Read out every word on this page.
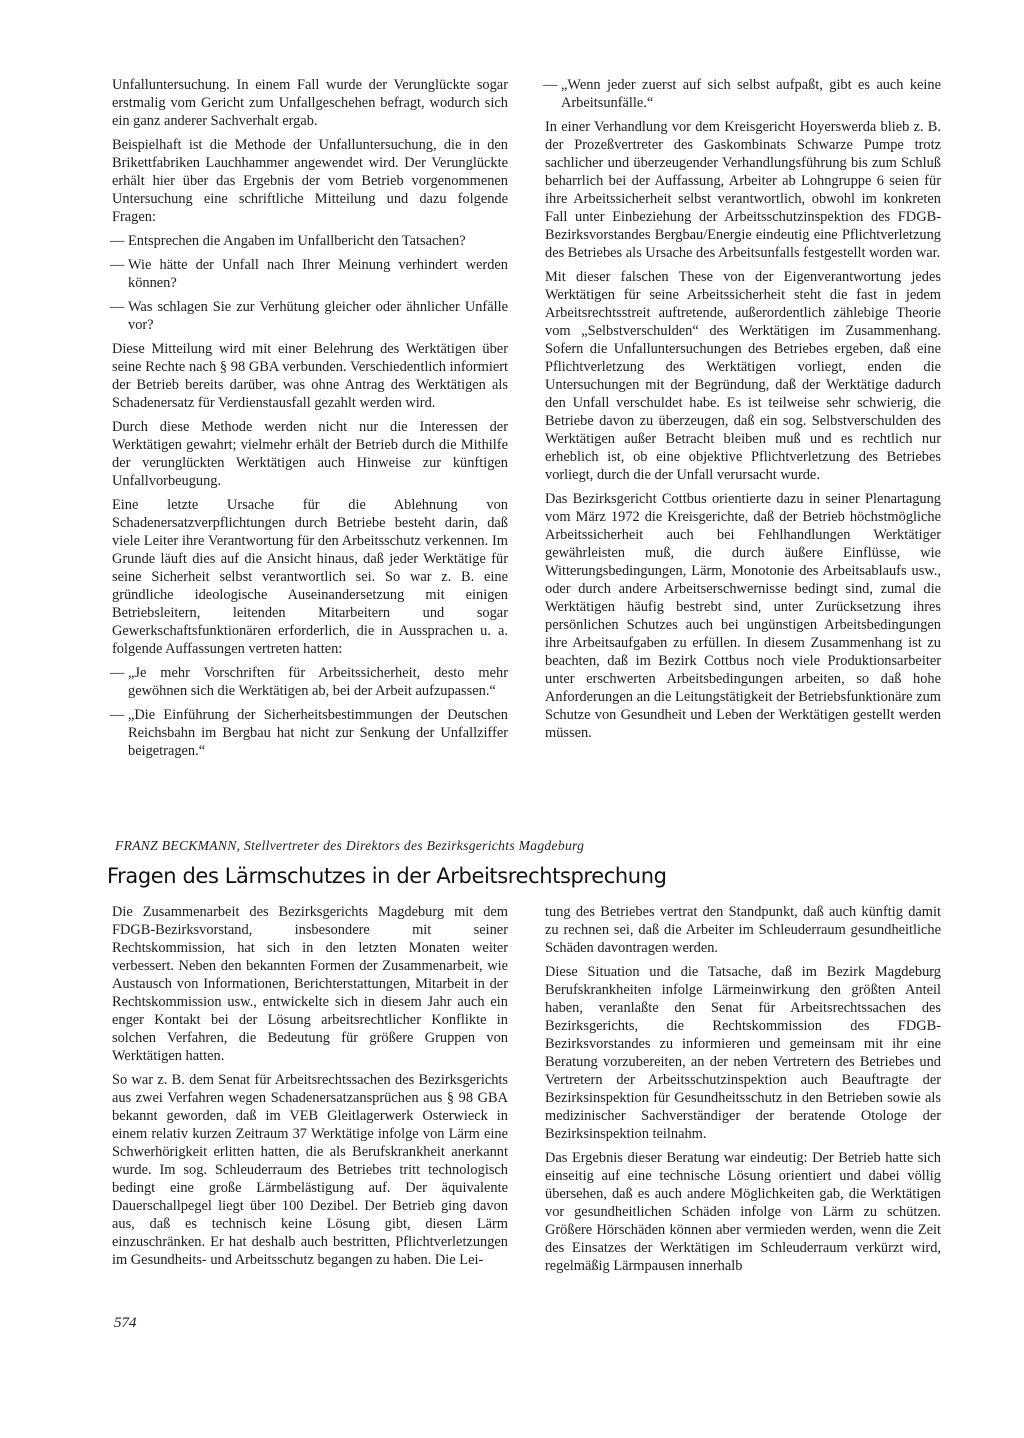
Unfalluntersuchung. In einem Fall wurde der Verunglückte sogar erstmalig vom Gericht zum Unfallgeschehen befragt, wodurch sich ein ganz anderer Sachverhalt ergab.

Beispielhaft ist die Methode der Unfalluntersuchung, die in den Brikettfabriken Lauchhammer angewendet wird. Der Verunglückte erhält hier über das Ergebnis der vom Betrieb vorgenommenen Untersuchung eine schriftliche Mitteilung und dazu folgende Fragen:

— Entsprechen die Angaben im Unfallbericht den Tatsachen?

— Wie hätte der Unfall nach Ihrer Meinung verhindert werden können?

— Was schlagen Sie zur Verhütung gleicher oder ähnlicher Unfälle vor?

Diese Mitteilung wird mit einer Belehrung des Werktätigen über seine Rechte nach § 98 GBA verbunden. Verschiedentlich informiert der Betrieb bereits darüber, was ohne Antrag des Werktätigen als Schadenersatz für Verdienstausfall gezahlt werden wird.

Durch diese Methode werden nicht nur die Interessen der Werktätigen gewahrt; vielmehr erhält der Betrieb durch die Mithilfe der verunglückten Werktätigen auch Hinweise zur künftigen Unfallvorbeugung.

Eine letzte Ursache für die Ablehnung von Schadenersatzverpflichtungen durch Betriebe besteht darin, daß viele Leiter ihre Verantwortung für den Arbeitsschutz verkennen. Im Grunde läuft dies auf die Ansicht hinaus, daß jeder Werktätige für seine Sicherheit selbst verantwortlich sei. So war z. B. eine gründliche ideologische Auseinandersetzung mit einigen Betriebsleitern, leitenden Mitarbeitern und sogar Gewerkschaftsfunktionären erforderlich, die in Aussprachen u. a. folgende Auffassungen vertreten hatten:

— „Je mehr Vorschriften für Arbeitssicherheit, desto mehr gewöhnen sich die Werktätigen ab, bei der Arbeit aufzupassen.“

— „Die Einführung der Sicherheitsbestimmungen der Deutschen Reichsbahn im Bergbau hat nicht zur Senkung der Unfallziffer beigetragen.“

— „Wenn jeder zuerst auf sich selbst aufpaßt, gibt es auch keine Arbeitsunfälle.“

In einer Verhandlung vor dem Kreisgericht Hoyerswerda blieb z. B. der Prozeßvertreter des Gaskombinats Schwarze Pumpe trotz sachlicher und überzeugender Verhandlungsführung bis zum Schluß beharrlich bei der Auffassung, Arbeiter ab Lohngruppe 6 seien für ihre Arbeitssicherheit selbst verantwortlich, obwohl im konkreten Fall unter Einbeziehung der Arbeitsschutzinspektion des FDGB-Bezirksvorstandes Bergbau/Energie eindeutig eine Pflichtverletzung des Betriebes als Ursache des Arbeitsunfalls festgestellt worden war.

Mit dieser falschen These von der Eigenverantwortung jedes Werktätigen für seine Arbeitssicherheit steht die fast in jedem Arbeitsrechtsstreit auftretende, außerordentlich zählebige Theorie vom „Selbstverschulden“ des Werktätigen im Zusammenhang. Sofern die Unfalluntersuchungen des Betriebes ergeben, daß eine Pflichtverletzung des Werktätigen vorliegt, enden die Untersuchungen mit der Begründung, daß der Werktätige dadurch den Unfall verschuldet habe. Es ist teilweise sehr schwierig, die Betriebe davon zu überzeugen, daß ein sog. Selbstverschulden des Werktätigen außer Betracht bleiben muß und es rechtlich nur erheblich ist, ob eine objektive Pflichtverletzung des Betriebes vorliegt, durch die der Unfall verursacht wurde.

Das Bezirksgericht Cottbus orientierte dazu in seiner Plenartagung vom März 1972 die Kreisgerichte, daß der Betrieb höchstmögliche Arbeitssicherheit auch bei Fehlhandlungen Werktätiger gewährleisten muß, die durch äußere Einflüsse, wie Witterungsbedingungen, Lärm, Monotonie des Arbeitsablaufs usw., oder durch andere Arbeitserschwernisse bedingt sind, zumal die Werktätigen häufig bestrebt sind, unter Zurücksetzung ihres persönlichen Schutzes auch bei ungünstigen Arbeitsbedingungen ihre Arbeitsaufgaben zu erfüllen. In diesem Zusammenhang ist zu beachten, daß im Bezirk Cottbus noch viele Produktionsarbeiter unter erschwerten Arbeitsbedingungen arbeiten, so daß hohe Anforderungen an die Leitungstätigkeit der Betriebsfunktionäre zum Schutze von Gesundheit und Leben der Werktätigen gestellt werden müssen.

FRANZ BECKMANN, Stellvertreter des Direktors des Bezirksgerichts Magdeburg

Fragen des Lärmschutzes in der Arbeitsrechtsprechung

Die Zusammenarbeit des Bezirksgerichts Magdeburg mit dem FDGB-Bezirksvorstand, insbesondere mit seiner Rechtskommission, hat sich in den letzten Monaten weiter verbessert. Neben den bekannten Formen der Zusammenarbeit, wie Austausch von Informationen, Berichterstattungen, Mitarbeit in der Rechtskommission usw., entwickelte sich in diesem Jahr auch ein enger Kontakt bei der Lösung arbeitsrechtlicher Konflikte in solchen Verfahren, die Bedeutung für größere Gruppen von Werktätigen hatten.

So war z. B. dem Senat für Arbeitsrechtssachen des Bezirksgerichts aus zwei Verfahren wegen Schadenersatzansprüchen aus § 98 GBA bekannt geworden, daß im VEB Gleitlagerwerk Osterwieck in einem relativ kurzen Zeitraum 37 Werktätige infolge von Lärm eine Schwerhörigkeit erlitten hatten, die als Berufskrankheit anerkannt wurde. Im sog. Schleuderraum des Betriebes tritt technologisch bedingt eine große Lärmbelästigung auf. Der äquivalente Dauerschallpegel liegt über 100 Dezibel. Der Betrieb ging davon aus, daß es technisch keine Lösung gibt, diesen Lärm einzuschränken. Er hat deshalb auch bestritten, Pflichtverletzungen im Gesundheits- und Arbeitsschutz begangen zu haben. Die Lei-

tung des Betriebes vertrat den Standpunkt, daß auch künftig damit zu rechnen sei, daß die Arbeiter im Schleuderraum gesundheitliche Schäden davontragen werden.

Diese Situation und die Tatsache, daß im Bezirk Magdeburg Berufskrankheiten infolge Lärmeinwirkung den größten Anteil haben, veranlaßte den Senat für Arbeitsrechtssachen des Bezirksgerichts, die Rechtskommission des FDGB-Bezirksvorstandes zu informieren und gemeinsam mit ihr eine Beratung vorzubereiten, an der neben Vertretern des Betriebes und Vertretern der Arbeitsschutzinspektion auch Beauftragte der Bezirksinspektion für Gesundheitsschutz in den Betrieben sowie als medizinischer Sachverständiger der beratende Otologe der Bezirksinspektion teilnahm.

Das Ergebnis dieser Beratung war eindeutig: Der Betrieb hatte sich einseitig auf eine technische Lösung orientiert und dabei völlig übersehen, daß es auch andere Möglichkeiten gab, die Werktätigen vor gesundheitlichen Schäden infolge von Lärm zu schützen. Größere Hörschäden können aber vermieden werden, wenn die Zeit des Einsatzes der Werktätigen im Schleuderraum verkürzt wird, regelmäßig Lärmpausen innerhalb

574
